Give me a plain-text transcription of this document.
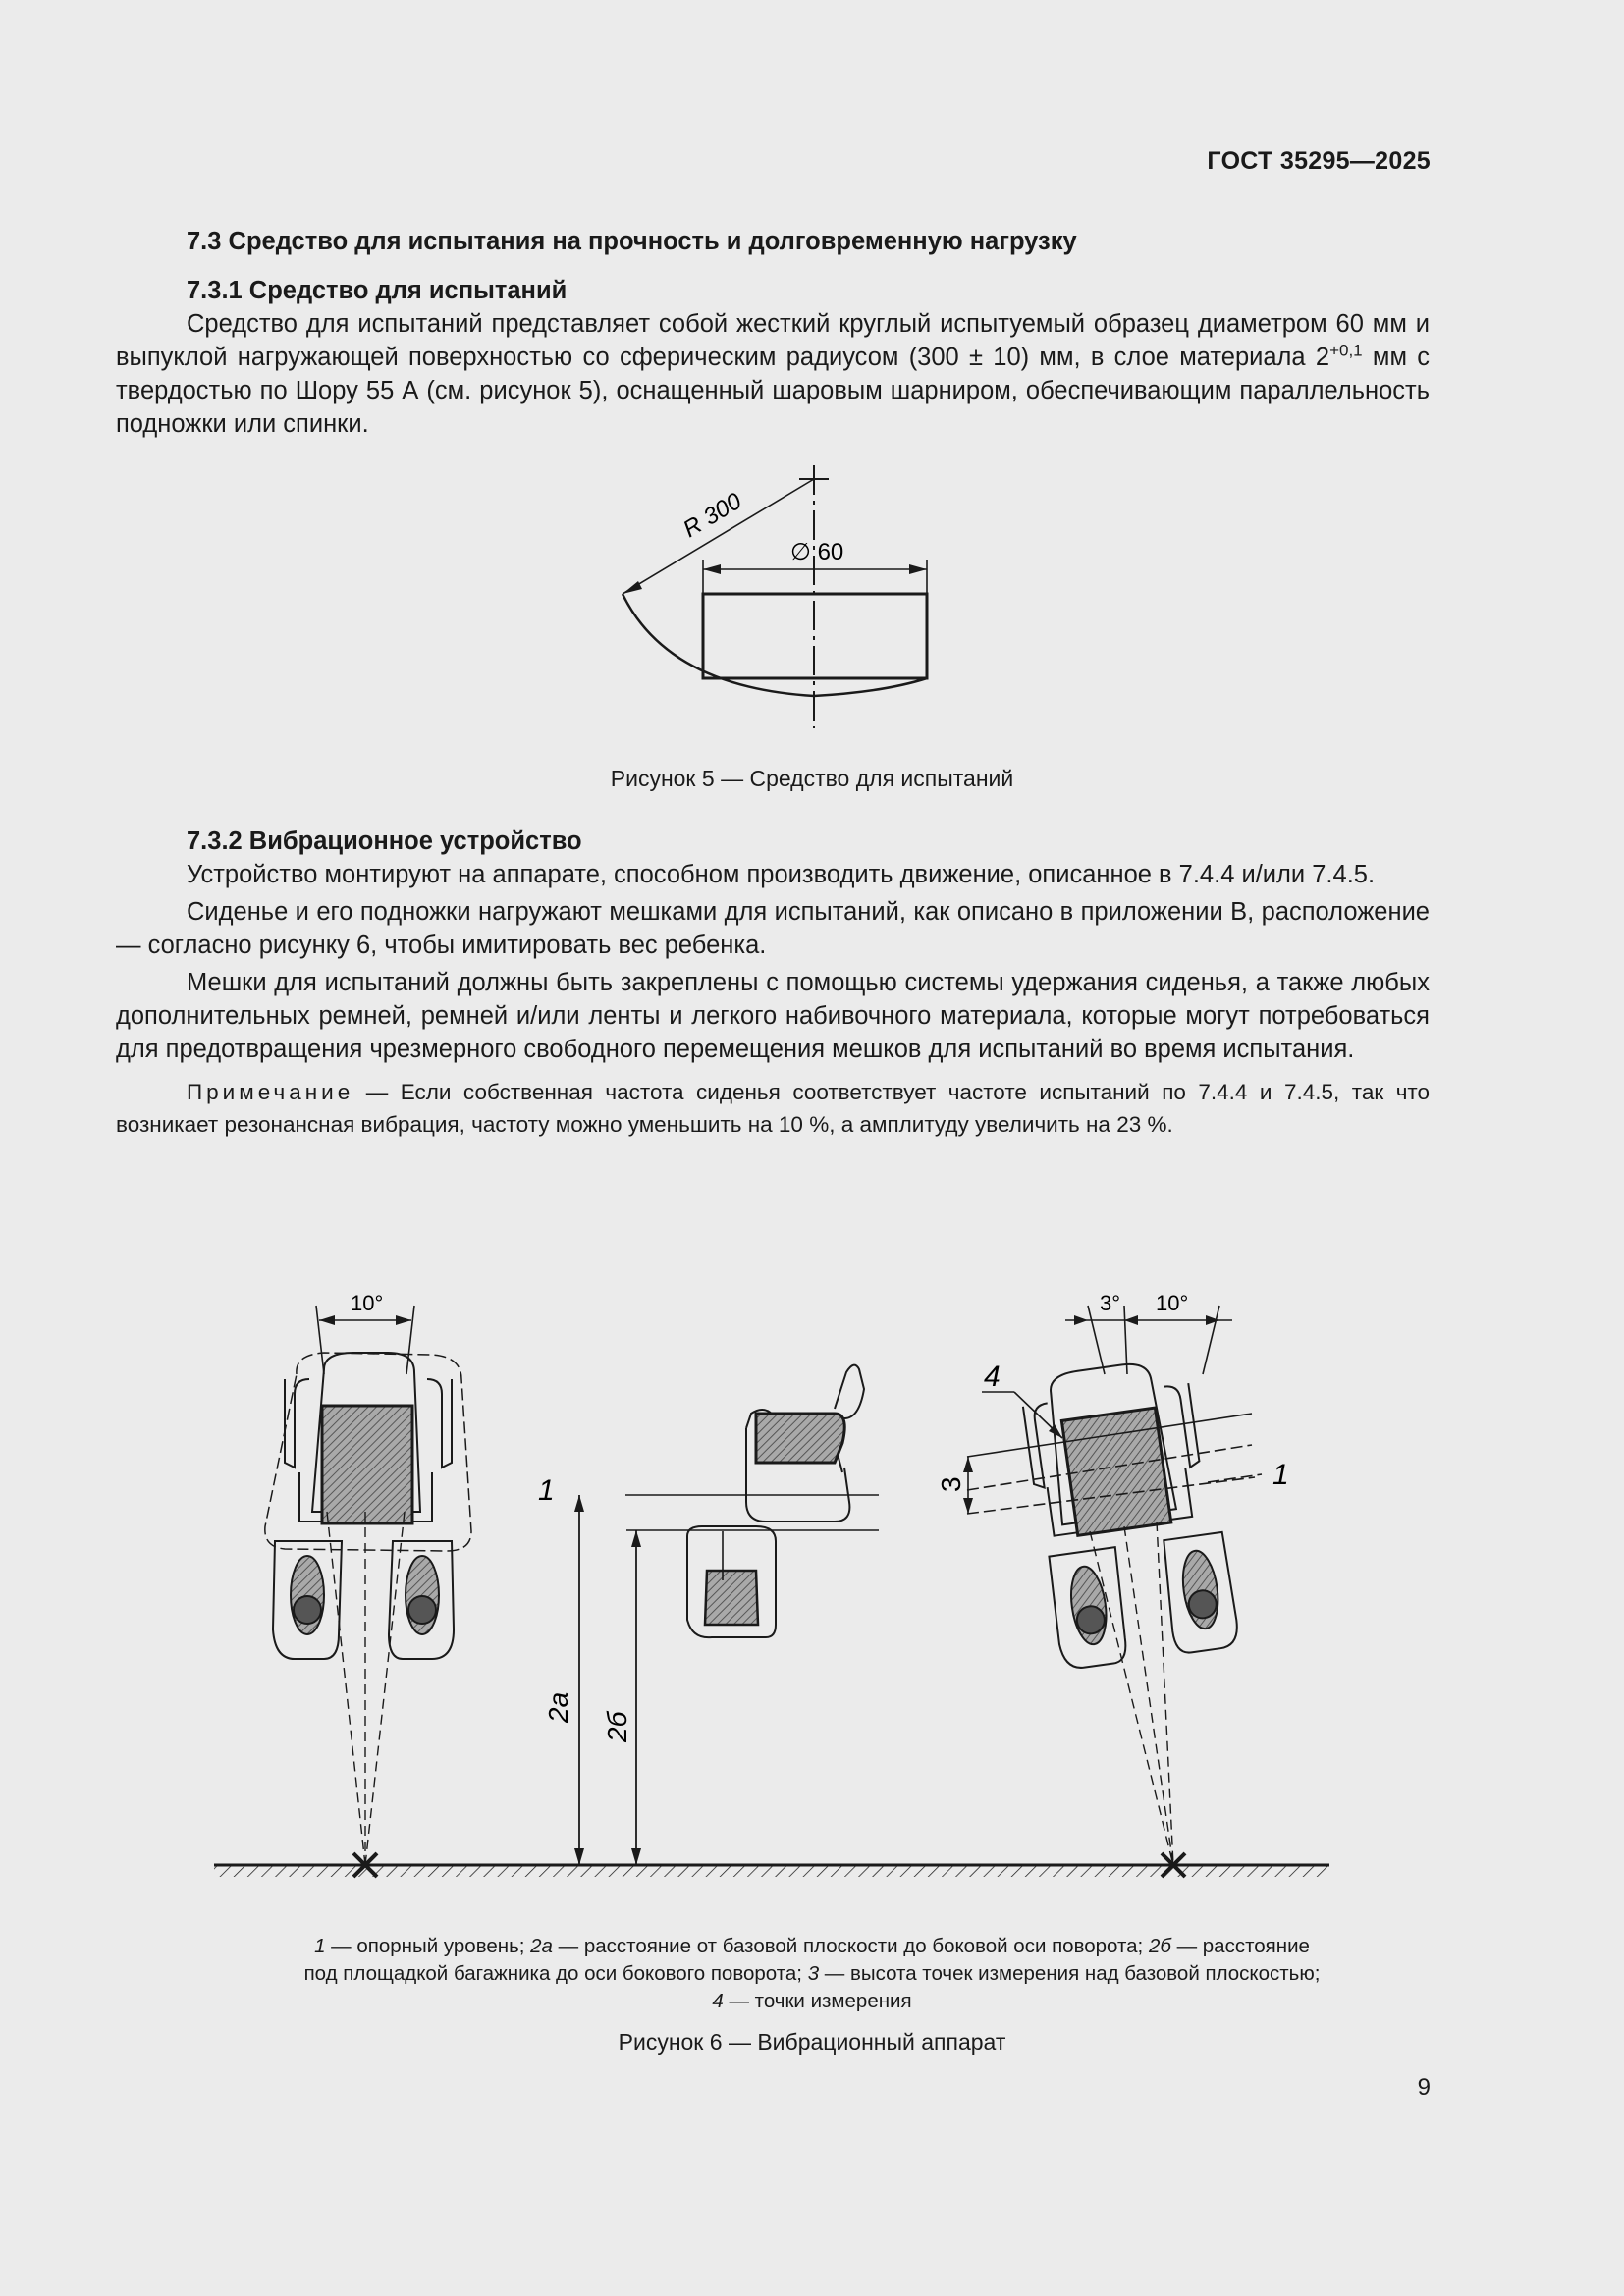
ГОСТ 35295—2025

7.3 Средство для испытания на прочность и долговременную нагрузку

7.3.1 Средство для испытаний

Средство для испытаний представляет собой жесткий круглый испытуемый образец диаметром 60 мм и выпуклой нагружающей поверхностью со сферическим радиусом (300 ± 10) мм, в слое материала $2^{+0,1}$ мм с твердостью по Шору 55 А (см. рисунок 5), оснащенный шаровым шарниром, обеспечивающим параллельность подножки или спинки.

R 300
∅ 60
Рисунок 5 — Средство для испытаний

7.3.2 Вибрационное устройство

Устройство монтируют на аппарате, способном производить движение, описанное в 7.4.4 и/или 7.4.5.

Сиденье и его подножки нагружают мешками для испытаний, как описано в приложении В, расположение — согласно рисунку 6, чтобы имитировать вес ребенка.

Мешки для испытаний должны быть закреплены с помощью системы удержания сиденья, а также любых дополнительных ремней, ремней и/или ленты и легкого набивочного материала, которые могут потребоваться для предотвращения чрезмерного свободного перемещения мешков для испытаний во время испытания.

Примечание — Если собственная частота сиденья соответствует частоте испытаний по 7.4.4 и 7.4.5, так что возникает резонансная вибрация, частоту можно уменьшить на 10 %, а амплитуду увеличить на 23 %.

10°
1
2а
2б
3° 10°
4
3	1
1 — опорный уровень; 2а — расстояние от базовой плоскости до боковой оси поворота; 2б — расстояние
под площадкой багажника до оси бокового поворота; 3 — высота точек измерения над базовой плоскостью;
4 — точки измерения
Рисунок 6 — Вибрационный аппарат
9
